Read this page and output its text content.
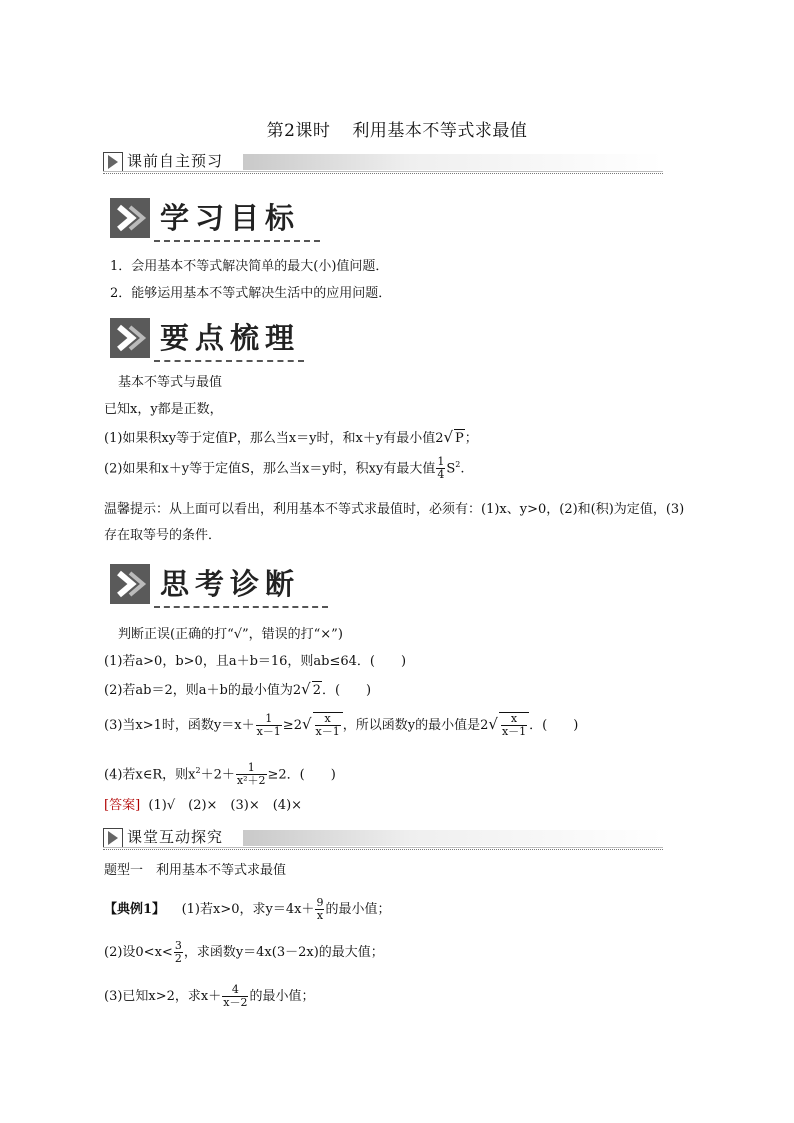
第2课时 利用基本不等式求最值
课前自主预习
学习目标
1．会用基本不等式解决简单的最大(小)值问题．
2．能够运用基本不等式解决生活中的应用问题．
要点梳理
基本不等式与最值
已知x，y都是正数，
(1)如果积xy等于定值P，那么当x＝y时，和x＋y有最小值2√ P；
(2)如果和x＋y等于定值S，那么当x＝y时，积xy有最大值 $\frac{1}{4} S^2$.
温馨提示：从上面可以看出，利用基本不等式求最值时，必须有：(1)x、y>0，(2)和(积)为定值，(3)
存在取等号的条件．
思考诊断
判断正误(正确的打“√”，错误的打“×”)
(1)若a>0，b>0，且a＋b＝16，则ab≤64．(　　)
(2)若ab＝2，则a＋b的最小值为2√ 2．(　　)
(3)当x>1时，函数$y=x+ \frac{1}{x-1} \ge 2√ \frac{x}{x-1}$ ，所以函数y的最小值是$2√ \frac{x}{x-1}$ ．(　　)
(4)若x∈R，则$x^2+2+ \frac{1}{\text{x²＋2}} \ge 2$．(　　)
[答案] (1)√　(2)×　(3)×　(4)×
课堂互动探究
题型一　利用基本不等式求最值
【典例1】 (1)若x>0，求$y=4x+ \frac{9}{x}$ 的最小值；
(2)设$0<x< \frac{3}{2}$ ，求函数y＝4x(3－2x)的最大值；
(3)已知x>2，求$x+ \frac{4}{x-2}$ 的最小值；
